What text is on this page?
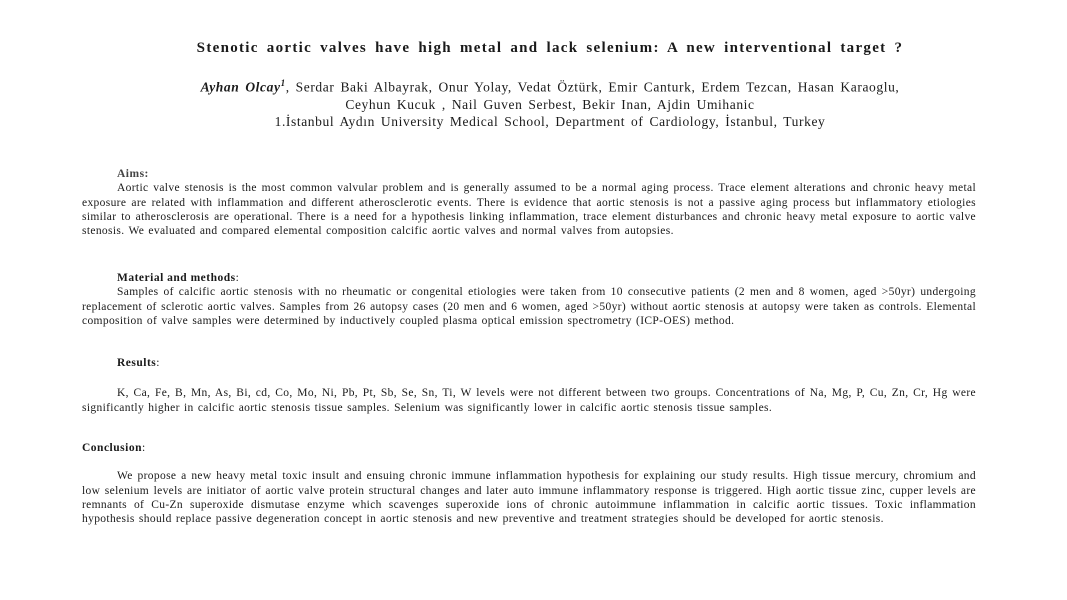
Stenotic aortic valves have high metal and lack selenium: A new interventional target ?
Ayhan Olcay$^1$, Serdar Baki Albayrak, Onur Yolay, Vedat Öztürk, Emir Canturk, Erdem Tezcan, Hasan Karaoglu,
Ceyhun Kucuk , Nail Guven Serbest, Bekir Inan, Ajdin Umihanic
1.İstanbul Aydın University Medical School, Department of Cardiology, İstanbul, Turkey
Aims:
Aortic valve stenosis is the most common valvular problem and is generally assumed to be a normal aging process. Trace element alterations and chronic heavy metal exposure are related with inflammation and different atherosclerotic events. There is evidence that aortic stenosis is not a passive aging process but inflammatory etiologies similar to atherosclerosis are operational. There is a need for a hypothesis linking inflammation, trace element disturbances and chronic heavy metal exposure to aortic valve stenosis. We evaluated and compared elemental composition calcific aortic valves and normal valves from autopsies.
Material and methods:
Samples of calcific aortic stenosis with no rheumatic or congenital etiologies were taken from 10 consecutive patients (2 men and 8 women, aged >50yr) undergoing replacement of sclerotic aortic valves. Samples from 26 autopsy cases (20 men and 6 women, aged >50yr) without aortic stenosis at autopsy were taken as controls. Elemental composition of valve samples were determined by inductively coupled plasma optical emission spectrometry (ICP-OES) method.
Results:
K, Ca, Fe, B, Mn, As, Bi, cd, Co, Mo, Ni, Pb, Pt, Sb, Se, Sn, Ti, W levels were not different between two groups. Concentrations of Na, Mg, P, Cu, Zn, Cr, Hg were significantly higher in calcific aortic stenosis tissue samples. Selenium was significantly lower in calcific aortic stenosis tissue samples.
Conclusion:
We propose a new heavy metal toxic insult and ensuing chronic immune inflammation hypothesis for explaining our study results. High tissue mercury, chromium and low selenium levels are initiator of aortic valve protein structural changes and later auto immune inflammatory response is triggered. High aortic tissue zinc, cupper levels are remnants of Cu-Zn superoxide dismutase enzyme which scavenges superoxide ions of chronic autoimmune inflammation in calcific aortic tissues. Toxic inflammation hypothesis should replace passive degeneration concept in aortic stenosis and new preventive and treatment strategies should be developed for aortic stenosis.
